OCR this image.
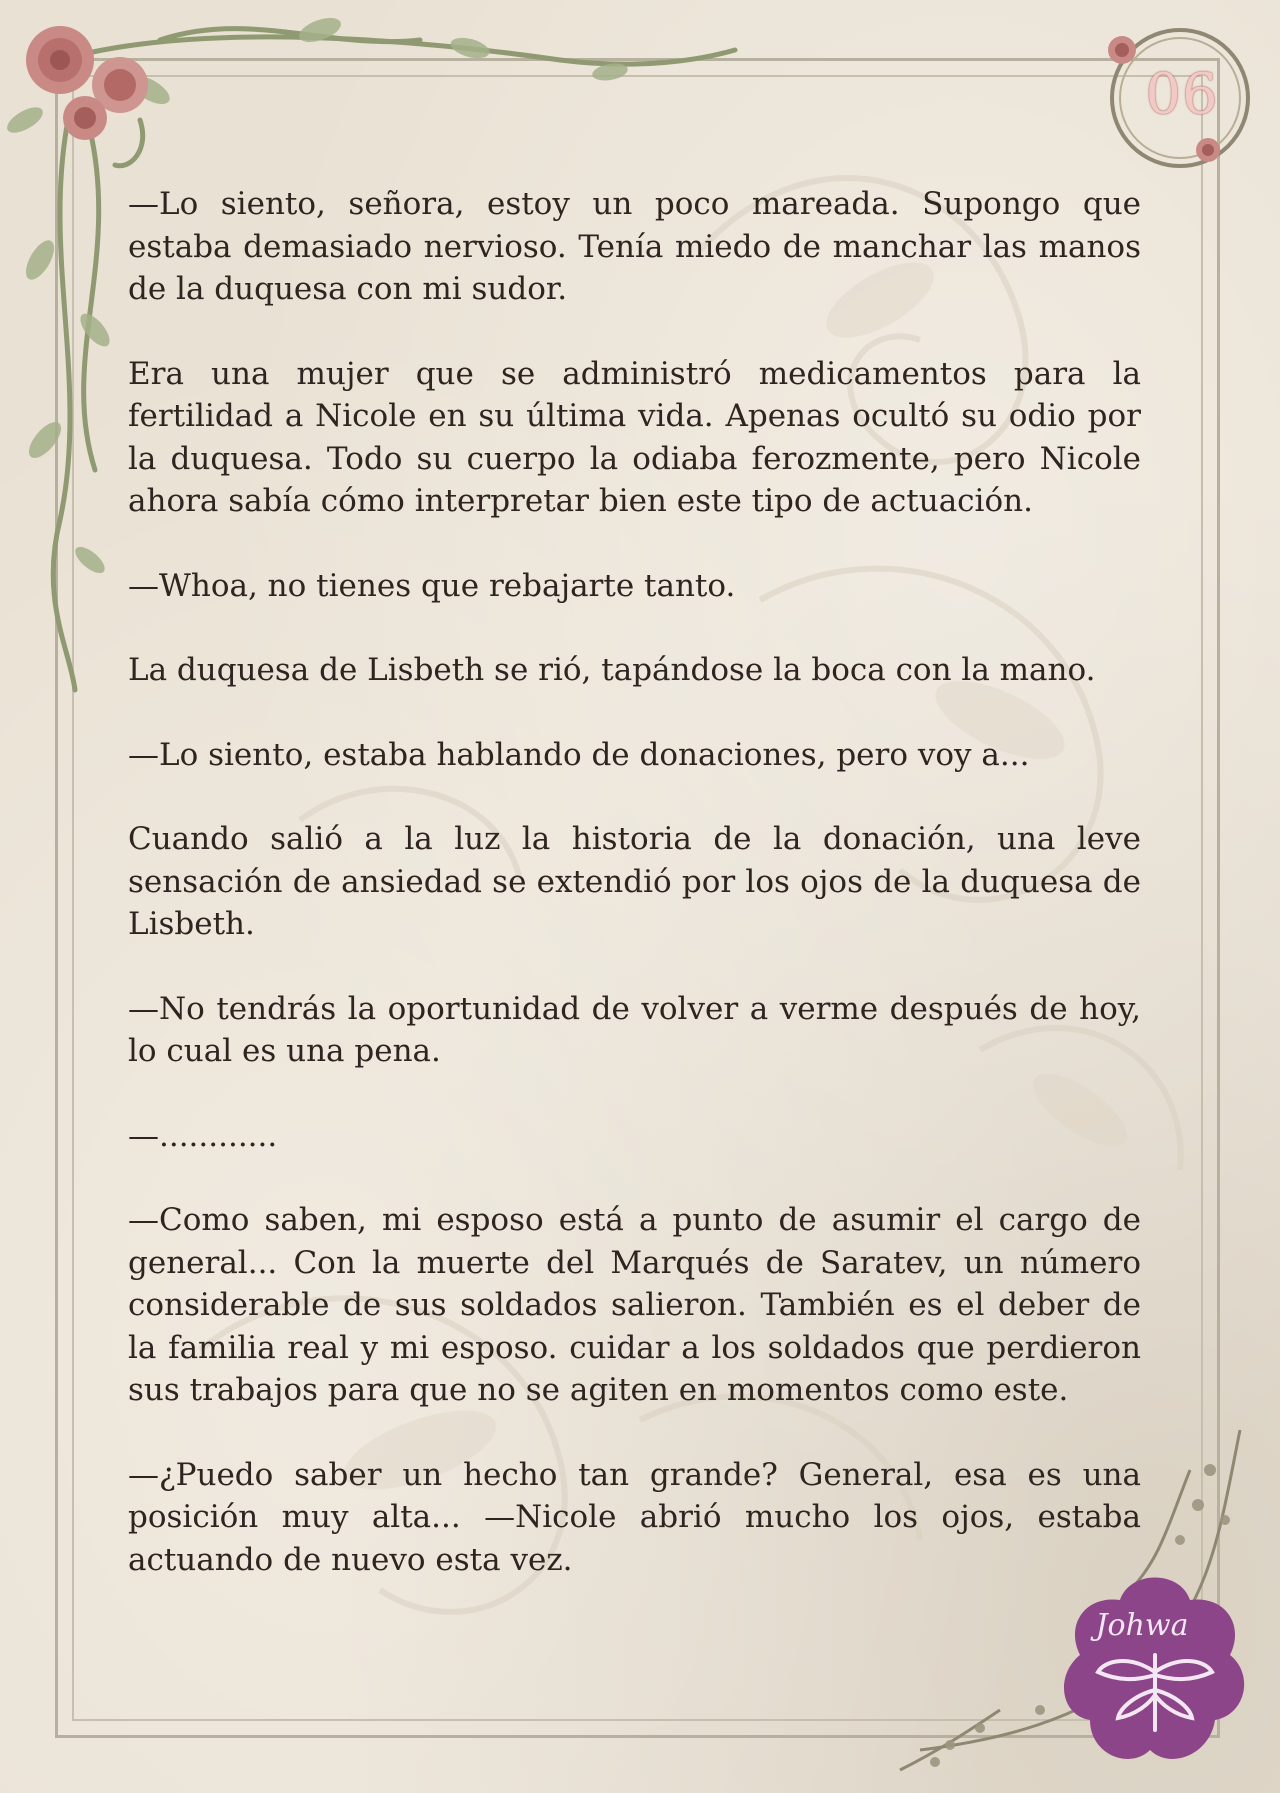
06
Johwa

—Lo siento, señora, estoy un poco mareada. Supongo que estaba demasiado nervioso. Tenía miedo de manchar las manos de la duquesa con mi sudor.

Era una mujer que se administró medicamentos para la fertilidad a Nicole en su última vida. Apenas ocultó su odio por la duquesa. Todo su cuerpo la odiaba ferozmente, pero Nicole ahora sabía cómo interpretar bien este tipo de actuación.

—Whoa, no tienes que rebajarte tanto.

La duquesa de Lisbeth se rió, tapándose la boca con la mano.

—Lo siento, estaba hablando de donaciones, pero voy a...

Cuando salió a la luz la historia de la donación, una leve sensación de ansiedad se extendió por los ojos de la duquesa de Lisbeth.

—No tendrás la oportunidad de volver a verme después de hoy, lo cual es una pena.

—............

—Como saben, mi esposo está a punto de asumir el cargo de general... Con la muerte del Marqués de Saratev, un número considerable de sus soldados salieron. También es el deber de la familia real y mi esposo. cuidar a los soldados que perdieron sus trabajos para que no se agiten en momentos como este.

—¿Puedo saber un hecho tan grande? General, esa es una posición muy alta... —Nicole abrió mucho los ojos, estaba actuando de nuevo esta vez.
